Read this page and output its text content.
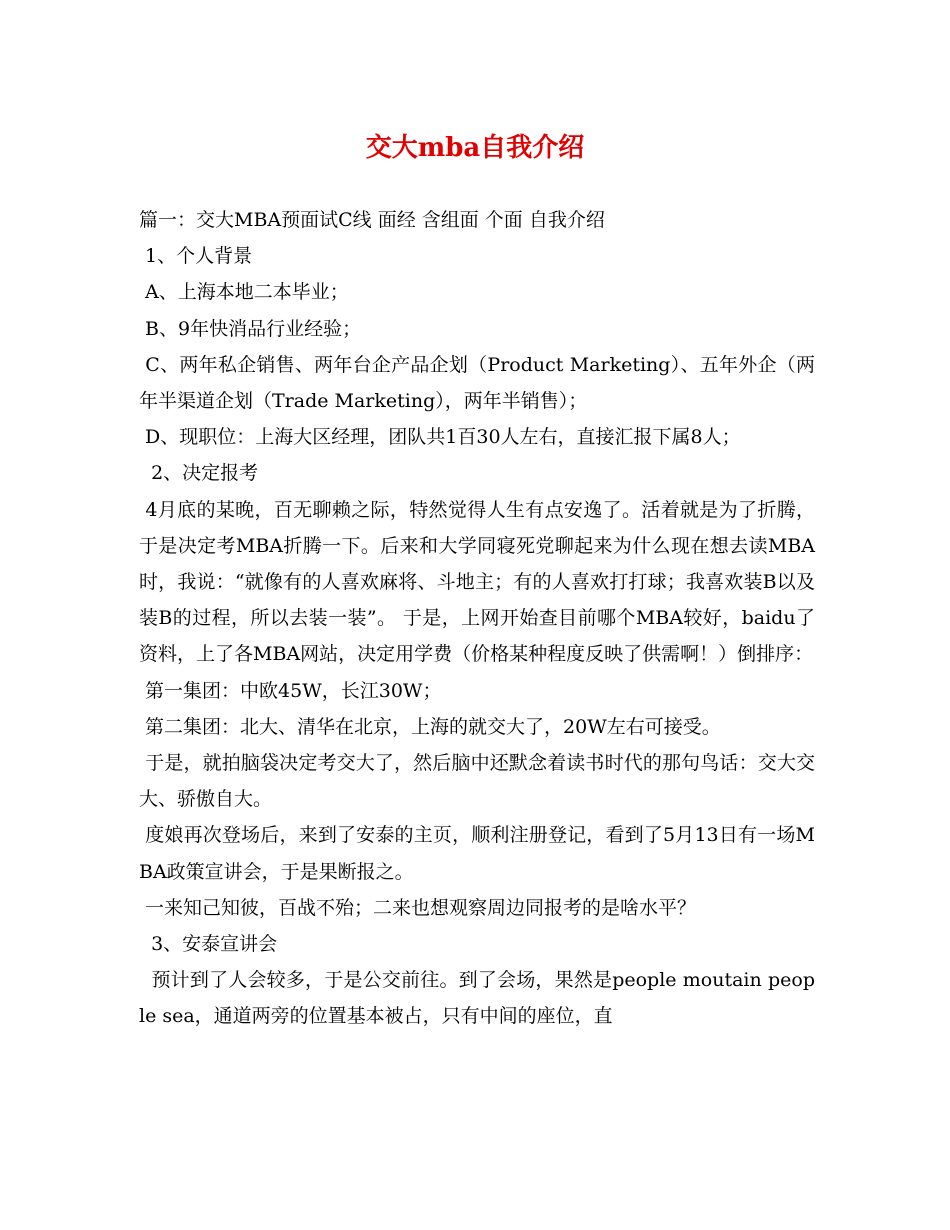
交大mba自我介绍

篇一：交大MBA预面试C线 面经 含组面 个面 自我介绍

1、个人背景

A、上海本地二本毕业；

B、9年快消品行业经验；

C、两年私企销售、两年台企产品企划（Product Marketing）、五年外企（两年半渠道企划（Trade Marketing），两年半销售）；

D、现职位：上海大区经理，团队共1百30人左右，直接汇报下属8人；

2、决定报考

4月底的某晚，百无聊赖之际，特然觉得人生有点安逸了。活着就是为了折腾，于是决定考MBA折腾一下。后来和大学同寝死党聊起来为什么现在想去读MBA时，我说：“就像有的人喜欢麻将、斗地主；有的人喜欢打打球；我喜欢装B以及装B的过程，所以去装一装”。 于是，上网开始查目前哪个MBA较好，baidu了资料，上了各MBA网站，决定用学费（价格某种程度反映了供需啊！）倒排序：

第一集团：中欧45W，长江30W；

第二集团：北大、清华在北京，上海的就交大了，20W左右可接受。

于是，就拍脑袋决定考交大了，然后脑中还默念着读书时代的那句鸟话：交大交大、骄傲自大。

度娘再次登场后，来到了安泰的主页，顺利注册登记，看到了5月13日有一场MBA政策宣讲会，于是果断报之。

一来知己知彼，百战不殆；二来也想观察周边同报考的是啥水平？

3、安泰宣讲会

预计到了人会较多，于是公交前往。到了会场，果然是people moutain people sea，通道两旁的位置基本被占，只有中间的座位，直
